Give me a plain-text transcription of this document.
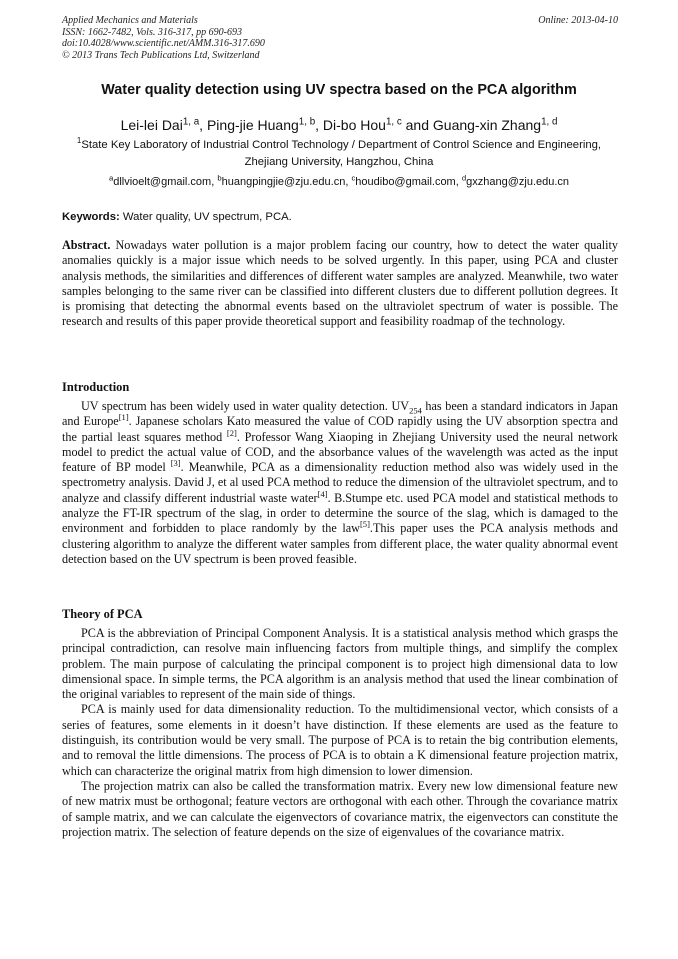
Applied Mechanics and Materials
ISSN: 1662-7482, Vols. 316-317, pp 690-693
doi:10.4028/www.scientific.net/AMM.316-317.690
© 2013 Trans Tech Publications Ltd, Switzerland
Online: 2013-04-10
Water quality detection using UV spectra based on the PCA algorithm
Lei-lei Dai$^{1, a}$, Ping-jie Huang$^{1, b}$, Di-bo Hou$^{1, c}$ and Guang-xin Zhang$^{1, d}$
$^1$State Key Laboratory of Industrial Control Technology / Department of Control Science and Engineering, Zhejiang University, Hangzhou, China
$^a$dllvioelt@gmail.com, $^b$huangpingjie@zju.edu.cn, $^c$houdibo@gmail.com, $^d$gxzhang@zju.edu.cn
Keywords: Water quality, UV spectrum, PCA.
Abstract. Nowadays water pollution is a major problem facing our country, how to detect the water quality anomalies quickly is a major issue which needs to be solved urgently. In this paper, using PCA and cluster analysis methods, the similarities and differences of different water samples are analyzed. Meanwhile, two water samples belonging to the same river can be classified into different clusters due to different pollution degrees. It is promising that detecting the abnormal events based on the ultraviolet spectrum of water is possible. The research and results of this paper provide theoretical support and feasibility roadmap of the technology.
Introduction

UV spectrum has been widely used in water quality detection. $UV_{254}$ has been a standard indicators in Japan and Europe[1]. Japanese scholars Kato measured the value of COD rapidly using the UV absorption spectra and the partial least squares method [2]. Professor Wang Xiaoping in Zhejiang University used the neural network model to predict the actual value of COD, and the absorbance values of the wavelength was acted as the input feature of BP model [3]. Meanwhile, PCA as a dimensionality reduction method also was widely used in the spectrometry analysis. David J, et al used PCA method to reduce the dimension of the ultraviolet spectrum, and to analyze and classify different industrial waste water[4]. B.Stumpe etc. used PCA model and statistical methods to analyze the FT-IR spectrum of the slag, in order to determine the source of the slag, which is damaged to the environment and forbidden to place randomly by the law[5].This paper uses the PCA analysis methods and clustering algorithm to analyze the different water samples from different place, the water quality abnormal event detection based on the UV spectrum is been proved feasible.

Theory of PCA

PCA is the abbreviation of Principal Component Analysis. It is a statistical analysis method which grasps the principal contradiction, can resolve main influencing factors from multiple things, and simplify the complex problem. The main purpose of calculating the principal component is to project high dimensional data to low dimensional space. In simple terms, the PCA algorithm is an analysis method that used the linear combination of the original variables to represent of the main side of things.

PCA is mainly used for data dimensionality reduction. To the multidimensional vector, which consists of a series of features, some elements in it doesn’t have distinction. If these elements are used as the feature to distinguish, its contribution would be very small. The purpose of PCA is to retain the big contribution elements, and to removal the little dimensions. The process of PCA is to obtain a K dimensional feature projection matrix, which can characterize the original matrix from high dimension to lower dimension.

The projection matrix can also be called the transformation matrix. Every new low dimensional feature new of new matrix must be orthogonal; feature vectors are orthogonal with each other. Through the covariance matrix of sample matrix, and we can calculate the eigenvectors of covariance matrix, the eigenvectors can constitute the projection matrix. The selection of feature depends on the size of eigenvalues of the covariance matrix.
